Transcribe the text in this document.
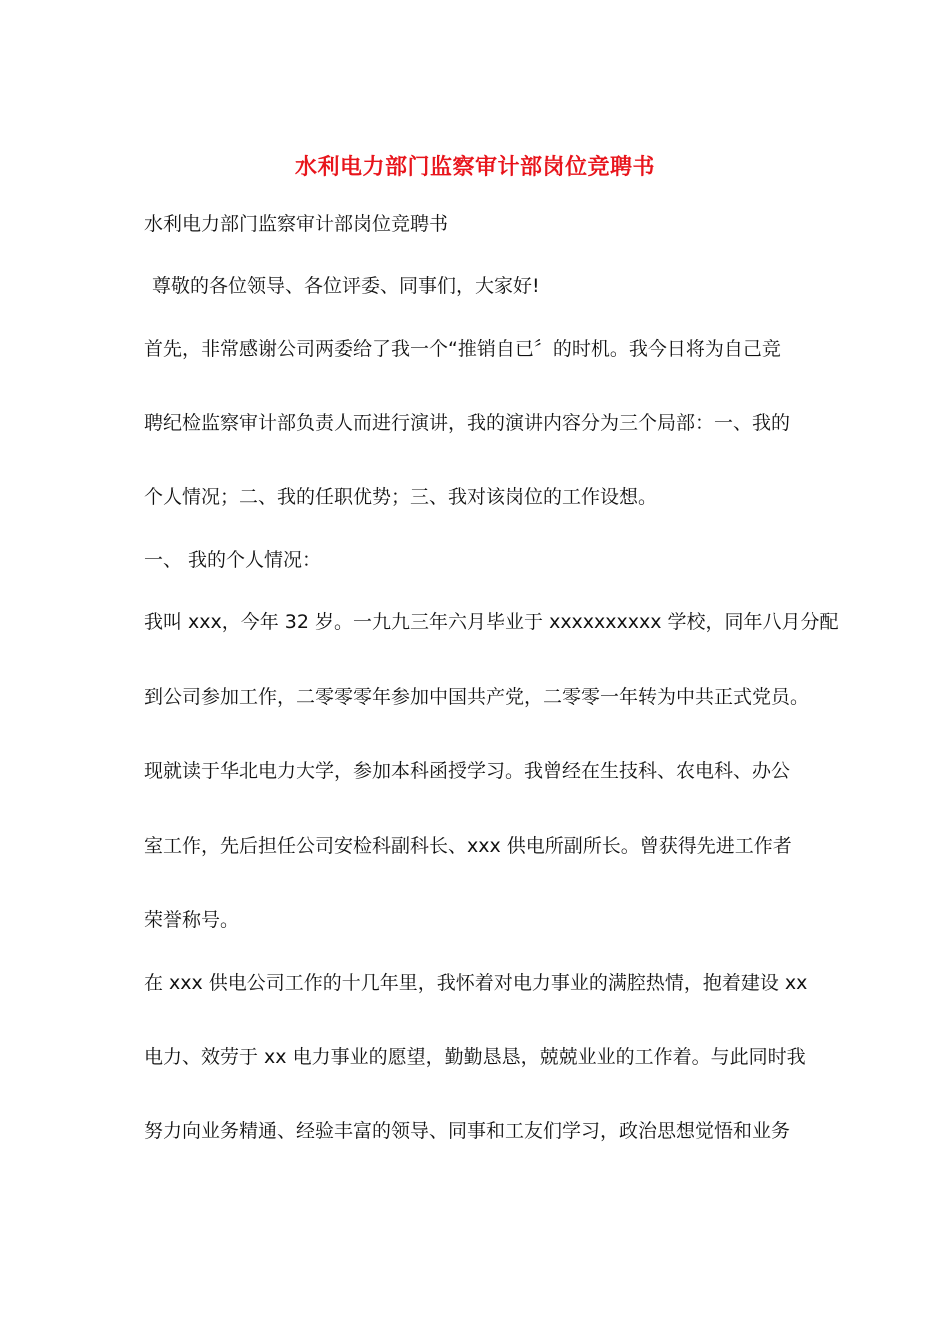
水利电力部门监察审计部岗位竞聘书

水利电力部门监察审计部岗位竞聘书

尊敬的各位领导、各位评委、同事们，大家好!

首先，非常感谢公司两委给了我一个“推销自已〞的时机。我今日将为自己竞

聘纪检监察审计部负责人而进行演讲，我的演讲内容分为三个局部：一、我的

个人情况；二、我的任职优势；三、我对该岗位的工作设想。

一、 我的个人情况：

我叫 xxx，今年 32 岁。一九九三年六月毕业于 xxxxxxxxxx 学校，同年八月分配

到公司参加工作，二零零零年参加中国共产党，二零零一年转为中共正式党员。

现就读于华北电力大学，参加本科函授学习。我曾经在生技科、农电科、办公

室工作，先后担任公司安检科副科长、xxx 供电所副所长。曾获得先进工作者

荣誉称号。

在 xxx 供电公司工作的十几年里，我怀着对电力事业的满腔热情，抱着建设 xx

电力、效劳于 xx 电力事业的愿望，勤勤恳恳，兢兢业业的工作着。与此同时我

努力向业务精通、经验丰富的领导、同事和工友们学习，政治思想觉悟和业务
